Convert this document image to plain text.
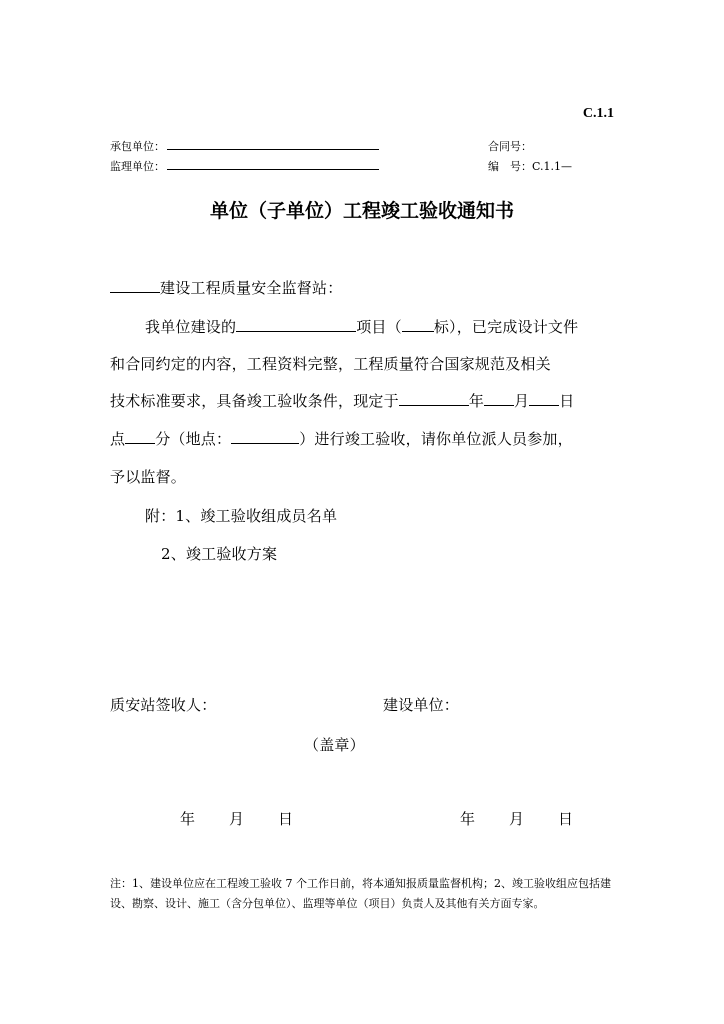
C.1.1
承包单位：	合同号：
监理单位：	编　号：C.1.1—
单位（子单位）工程竣工验收通知书
建设工程质量安全监督站：
我单位建设的	项目（ 标），已完成设计文件
和合同约定的内容，工程资料完整，工程质量符合国家规范及相关
技术标准要求，具备竣工验收条件，现定于	年 月 日
点 分（地点：	）进行竣工验收，请你单位派人员参加，
予以监督。
附：1、竣工验收组成员名单
2、竣工验收方案
质安站签收人：	建设单位：
（盖章）
年 月 日	年 月 日
注：1、建设单位应在工程竣工验收 7 个工作日前，将本通知报质量监督机构；2、竣工验收组应包括建设、勘察、设计、施工（含分包单位）、监理等单位（项目）负责人及其他有关方面专家。
